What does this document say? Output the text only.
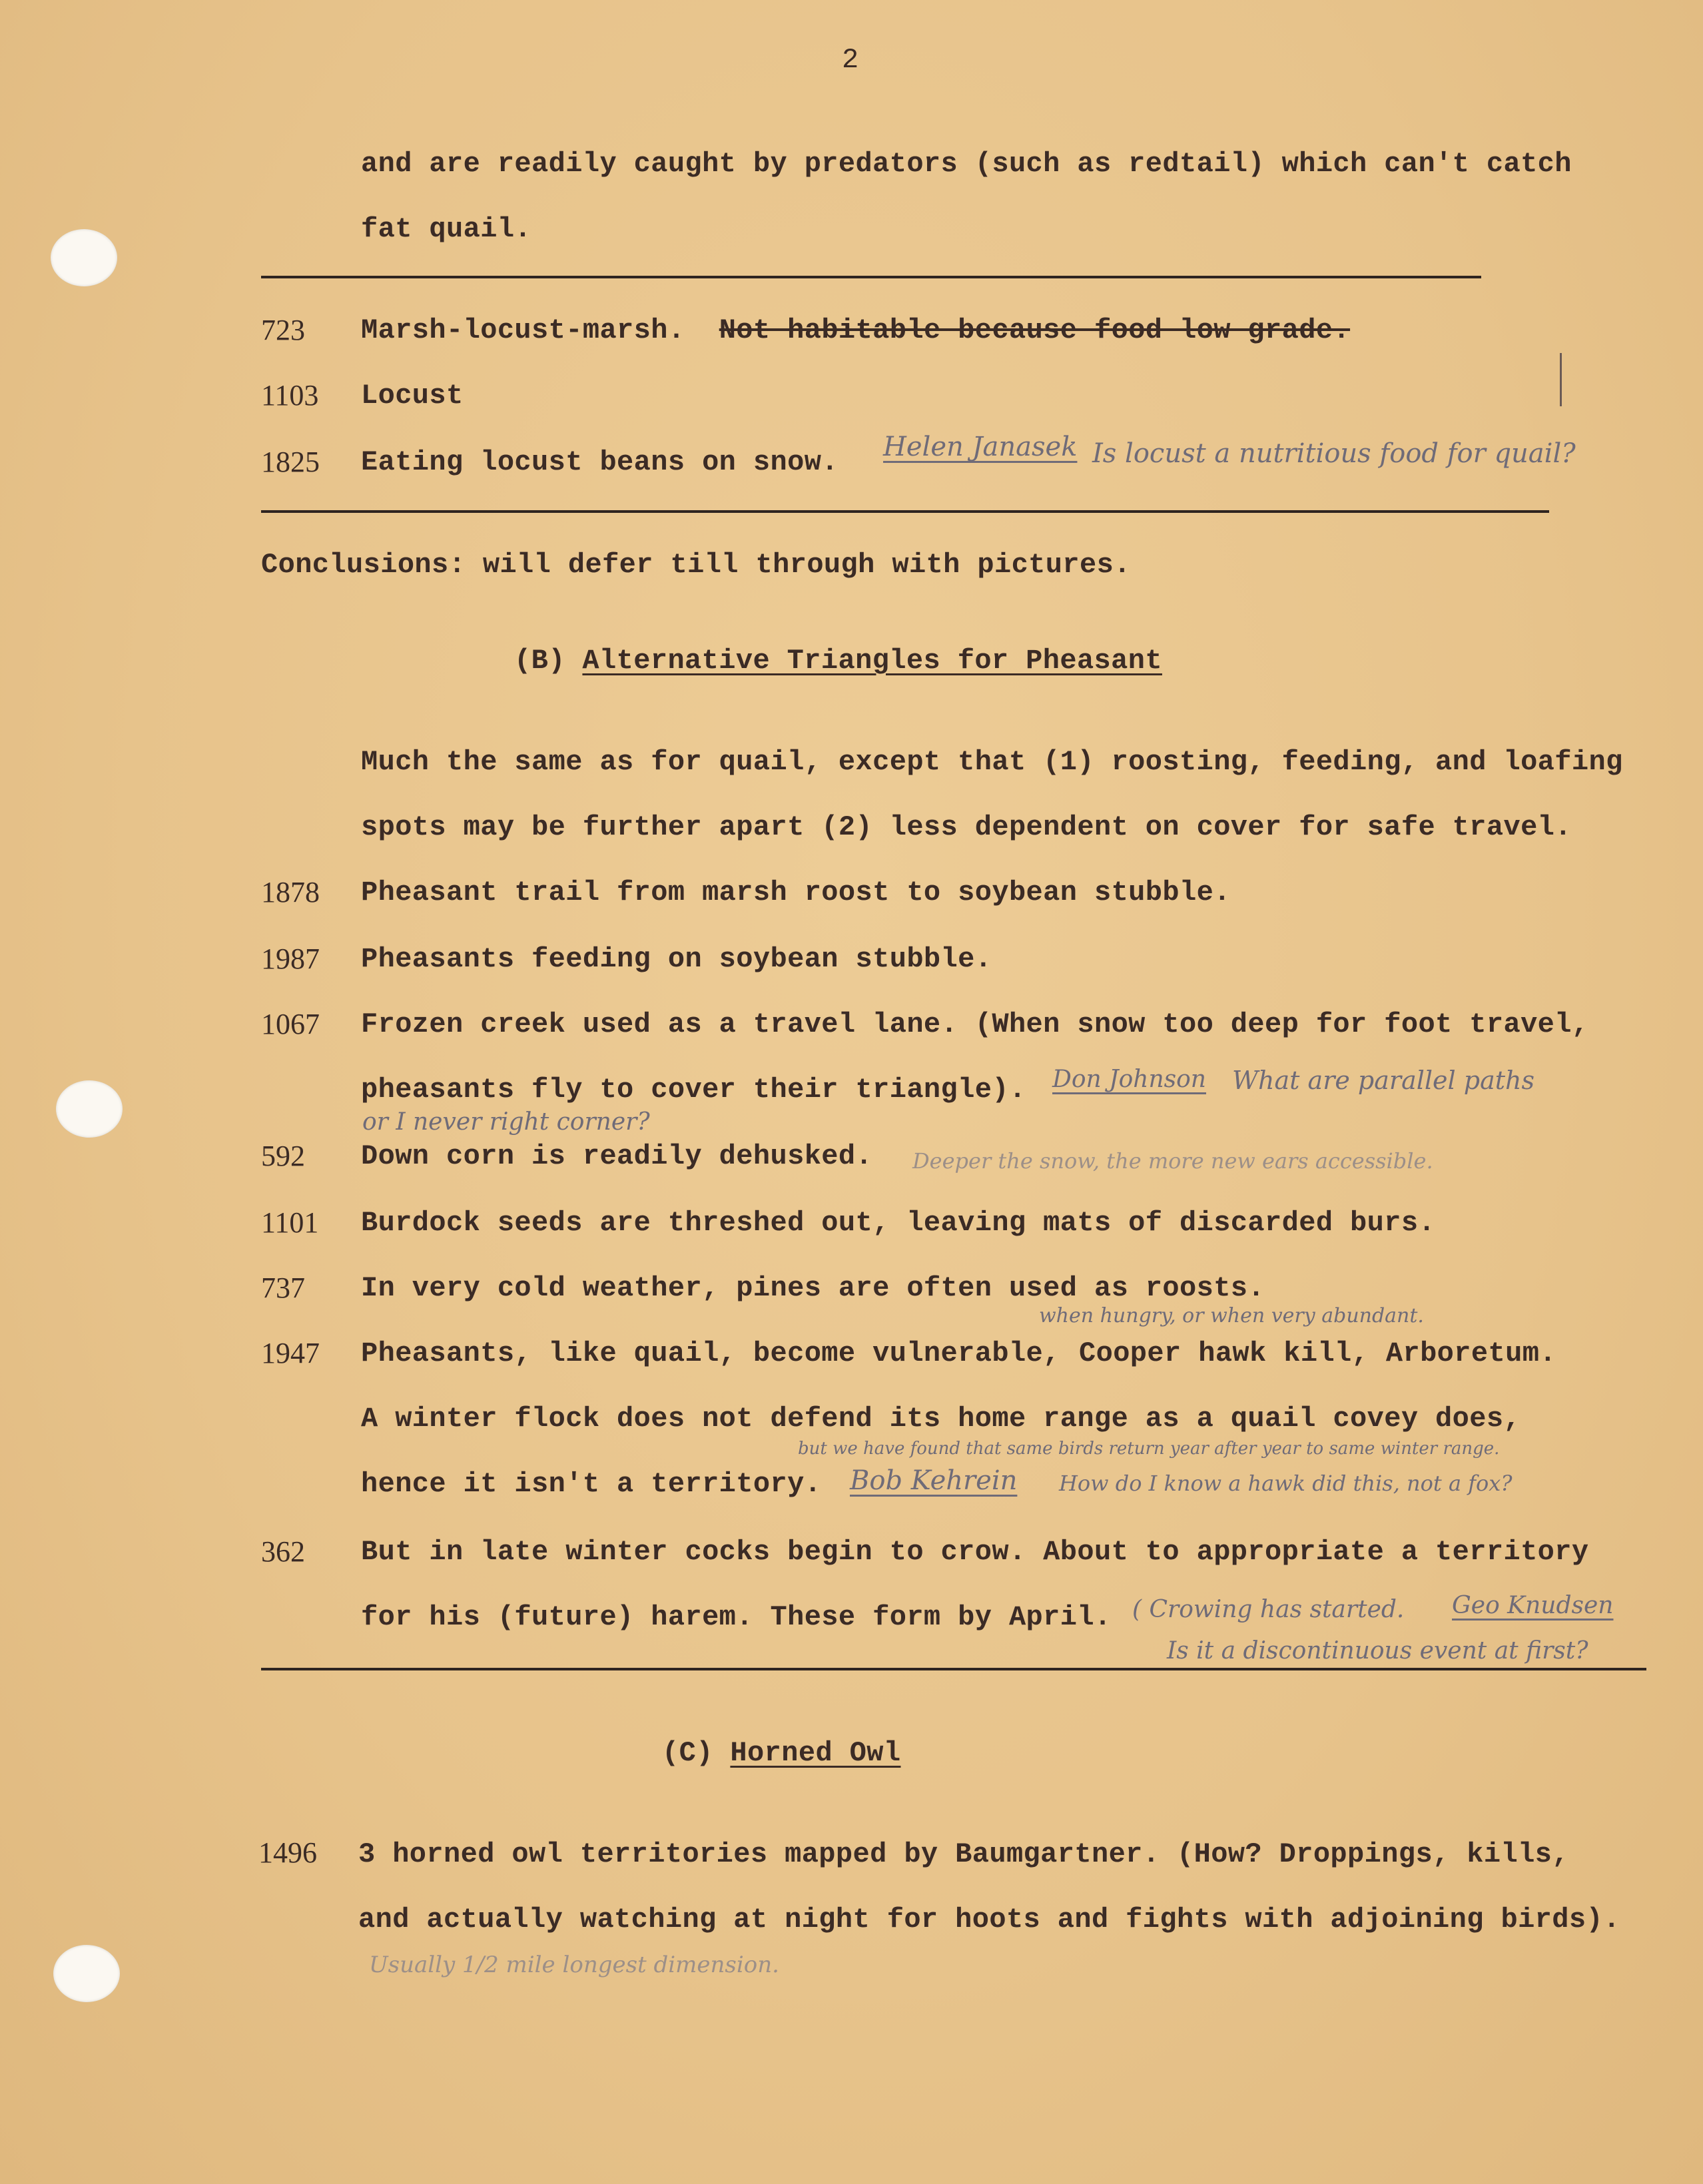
2
and are readily caught by predators (such as redtail) which can't catch
fat quail.
723 Marsh-locust-marsh. Not habitable because food low grade.
1103 Locust
1825 Eating locust beans on snow. Helen Janasek Is locust a nutritious food for quail?
Conclusions: will defer till through with pictures.
(B) Alternative Triangles for Pheasant
Much the same as for quail, except that (1) roosting, feeding, and loafing
spots may be further apart (2) less dependent on cover for safe travel.
1878 Pheasant trail from marsh roost to soybean stubble.
1987 Pheasants feeding on soybean stubble.
1067 Frozen creek used as a travel lane. (When snow too deep for foot travel,
pheasants fly to cover their triangle). Don Johnson What are parallel paths
or I never right corner?
592 Down corn is readily dehusked. Deeper the snow, the more new ears accessible.
1101 Burdock seeds are threshed out, leaving mats of discarded burs.
737 In very cold weather, pines are often used as roosts.
when hungry, or when very abundant.
1947 Pheasants, like quail, become vulnerable, Cooper hawk kill, Arboretum.
A winter flock does not defend its home range as a quail covey does,
but we have found that same birds return year after year to same winter range.
hence it isn't a territory. Bob Kehrein How do I know a hawk did this, not a fox?
362 But in late winter cocks begin to crow. About to appropriate a territory
for his (future) harem. These form by April. ( Crowing has started. Geo Knudsen
Is it a discontinuous event at first?
(C) Horned Owl
1496 3 horned owl territories mapped by Baumgartner. (How? Droppings, kills,
and actually watching at night for hoots and fights with adjoining birds).
Usually 1/2 mile longest dimension.
